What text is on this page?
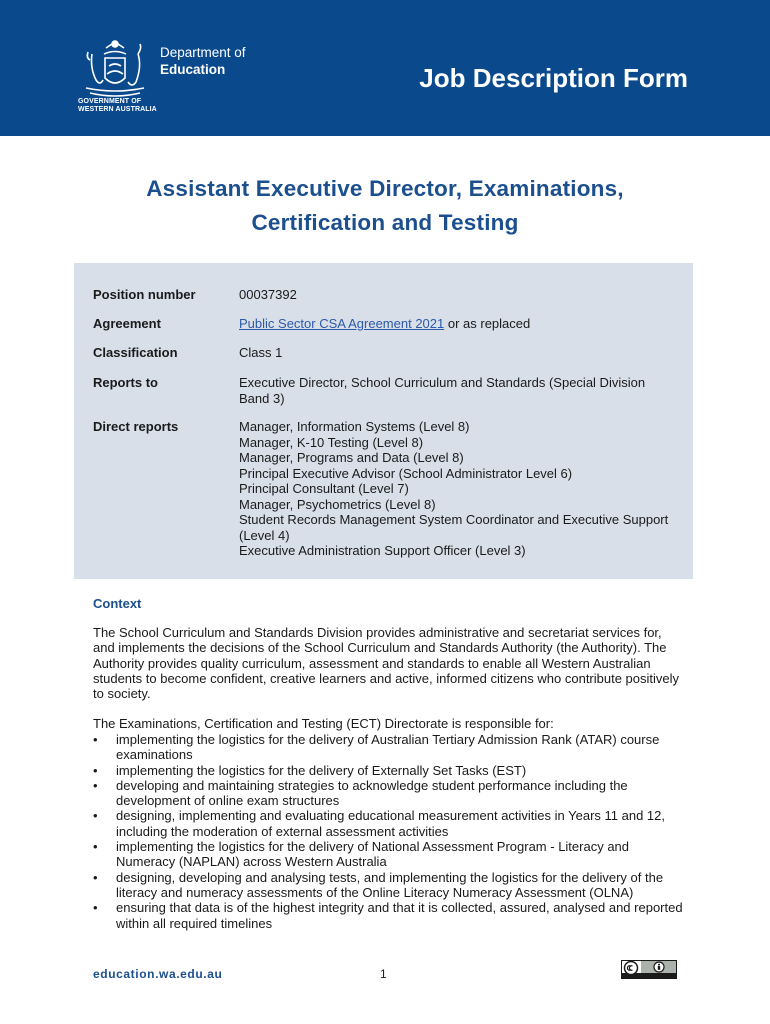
GOVERNMENT OF
WESTERN AUSTRALIA
Department of
Education	Job Description Form
Assistant Executive Director, Examinations,
Certification and Testing
Position number	00037392
Agreement	Public Sector CSA Agreement 2021 or as replaced
Classification	Class 1
Reports to	Executive Director, School Curriculum and Standards (Special Division Band 3)
Direct reports	Manager, Information Systems (Level 8)
Manager, K-10 Testing (Level 8)
Manager, Programs and Data (Level 8)
Principal Executive Advisor (School Administrator Level 6)
Principal Consultant (Level 7)
Manager, Psychometrics (Level 8)
Student Records Management System Coordinator and Executive Support (Level 4)
Executive Administration Support Officer (Level 3)
Context
The School Curriculum and Standards Division provides administrative and secretariat services for, and implements the decisions of the School Curriculum and Standards Authority (the Authority). The Authority provides quality curriculum, assessment and standards to enable all Western Australian students to become confident, creative learners and active, informed citizens who contribute positively to society.
The Examinations, Certification and Testing (ECT) Directorate is responsible for:
• implementing the logistics for the delivery of Australian Tertiary Admission Rank (ATAR) course examinations
• implementing the logistics for the delivery of Externally Set Tasks (EST)
• developing and maintaining strategies to acknowledge student performance including the development of online exam structures
• designing, implementing and evaluating educational measurement activities in Years 11 and 12, including the moderation of external assessment activities
• implementing the logistics for the delivery of National Assessment Program - Literacy and Numeracy (NAPLAN) across Western Australia
• designing, developing and analysing tests, and implementing the logistics for the delivery of the literacy and numeracy assessments of the Online Literacy Numeracy Assessment (OLNA)
• ensuring that data is of the highest integrity and that it is collected, assured, analysed and reported within all required timelines
education.wa.edu.au	1
